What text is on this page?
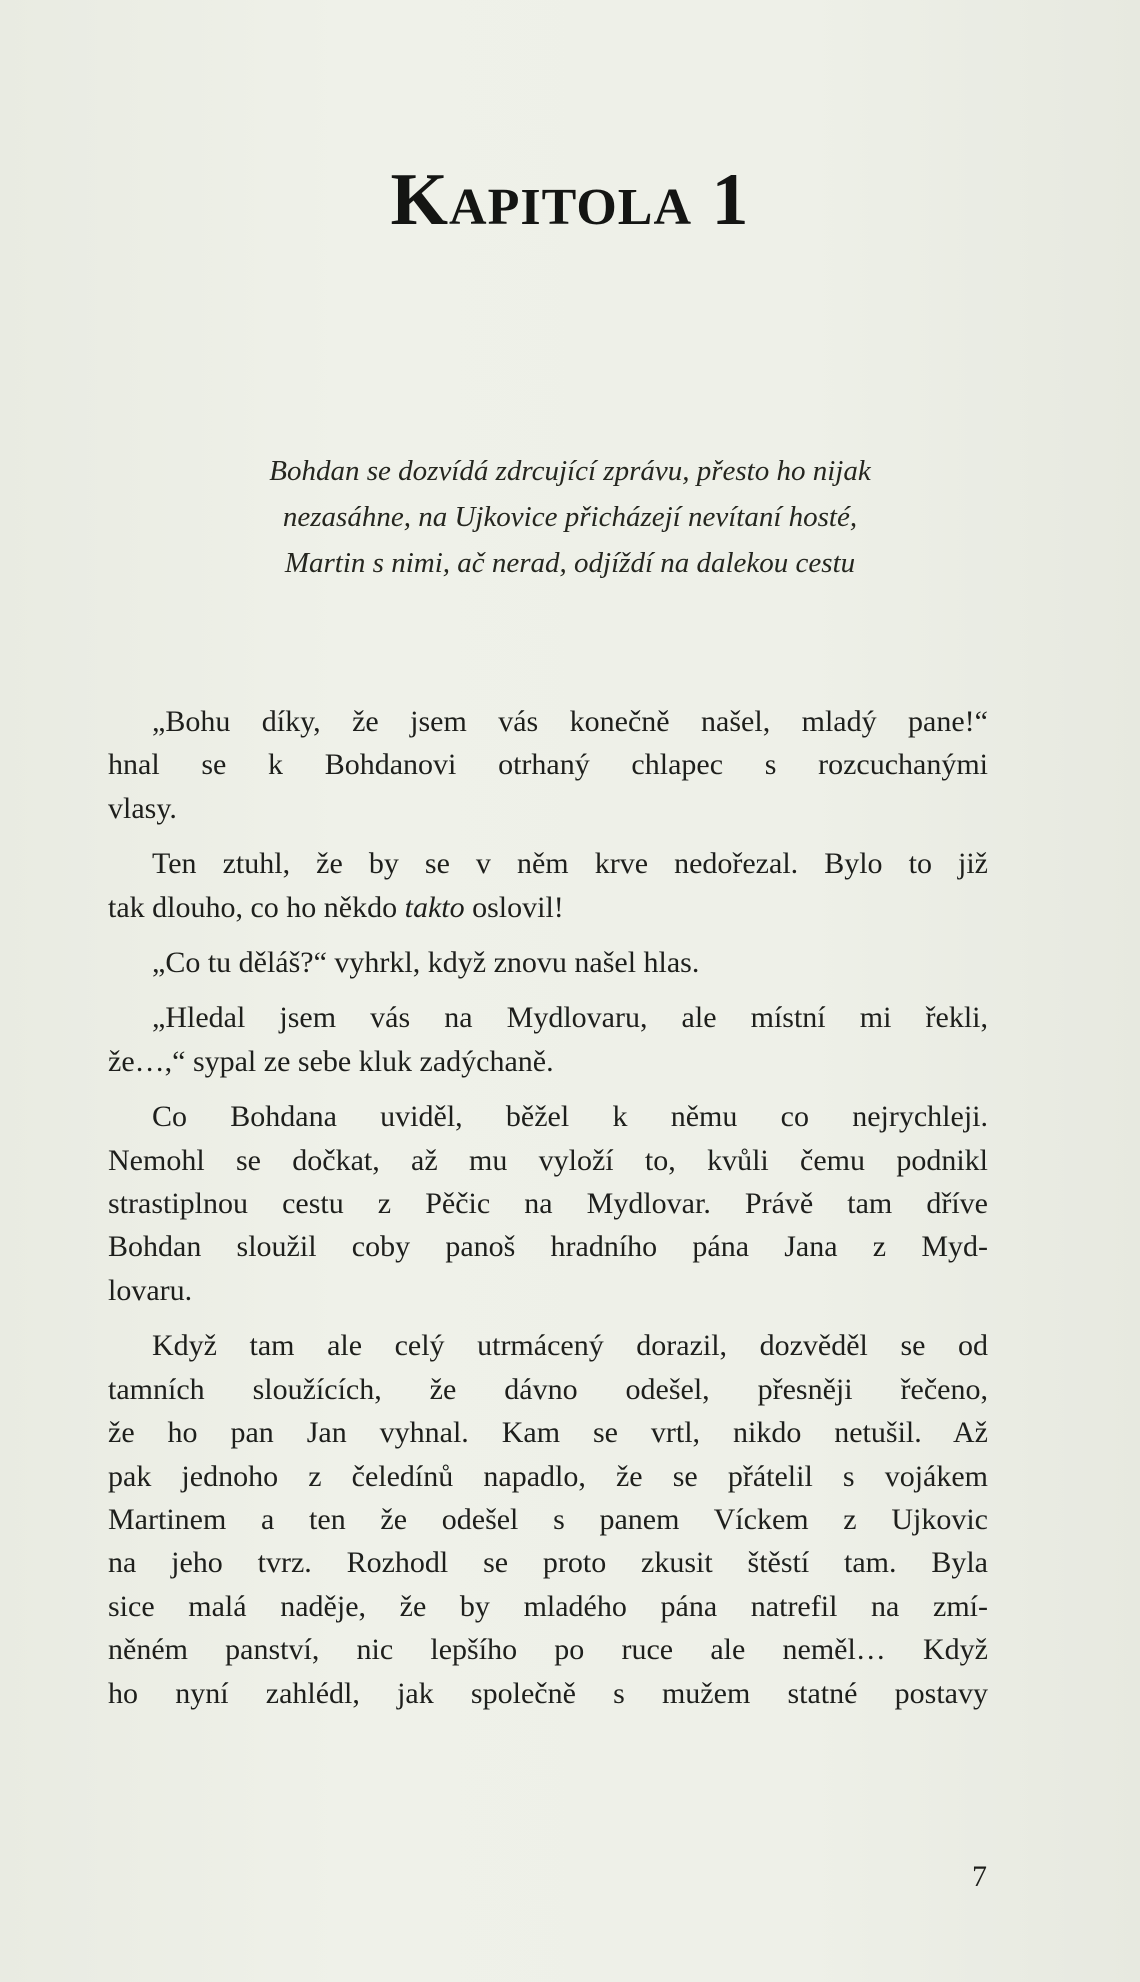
Kapitola 1
Bohdan se dozvídá zdrcující zprávu, přesto ho nijak
nezasáhne, na Ujkovice přicházejí nevítaní hosté,
Martin s nimi, ač nerad, odjíždí na dalekou cestu
„Bohu díky, že jsem vás konečně našel, mladý pane!“
hnal se k Bohdanovi otrhaný chlapec s rozcuchanými
vlasy.
Ten ztuhl, že by se v něm krve nedořezal. Bylo to již
tak dlouho, co ho někdo takto oslovil!
„Co tu děláš?“ vyhrkl, když znovu našel hlas.
„Hledal jsem vás na Mydlovaru, ale místní mi řekli,
že…,“ sypal ze sebe kluk zadýchaně.
Co Bohdana uviděl, běžel k němu co nejrychleji.
Nemohl se dočkat, až mu vyloží to, kvůli čemu podnikl
strastiplnou cestu z Pěčic na Mydlovar. Právě tam dříve
Bohdan sloužil coby panoš hradního pána Jana z Myd-
lovaru.
Když tam ale celý utrmácený dorazil, dozvěděl se od
tamních sloužících, že dávno odešel, přesněji řečeno,
že ho pan Jan vyhnal. Kam se vrtl, nikdo netušil. Až
pak jednoho z čeledínů napadlo, že se přátelil s vojákem
Martinem a ten že odešel s panem Víckem z Ujkovic
na jeho tvrz. Rozhodl se proto zkusit štěstí tam. Byla
sice malá naděje, že by mladého pána natrefil na zmí-
něném panství, nic lepšího po ruce ale neměl… Když
ho nyní zahlédl, jak společně s mužem statné postavy
7
